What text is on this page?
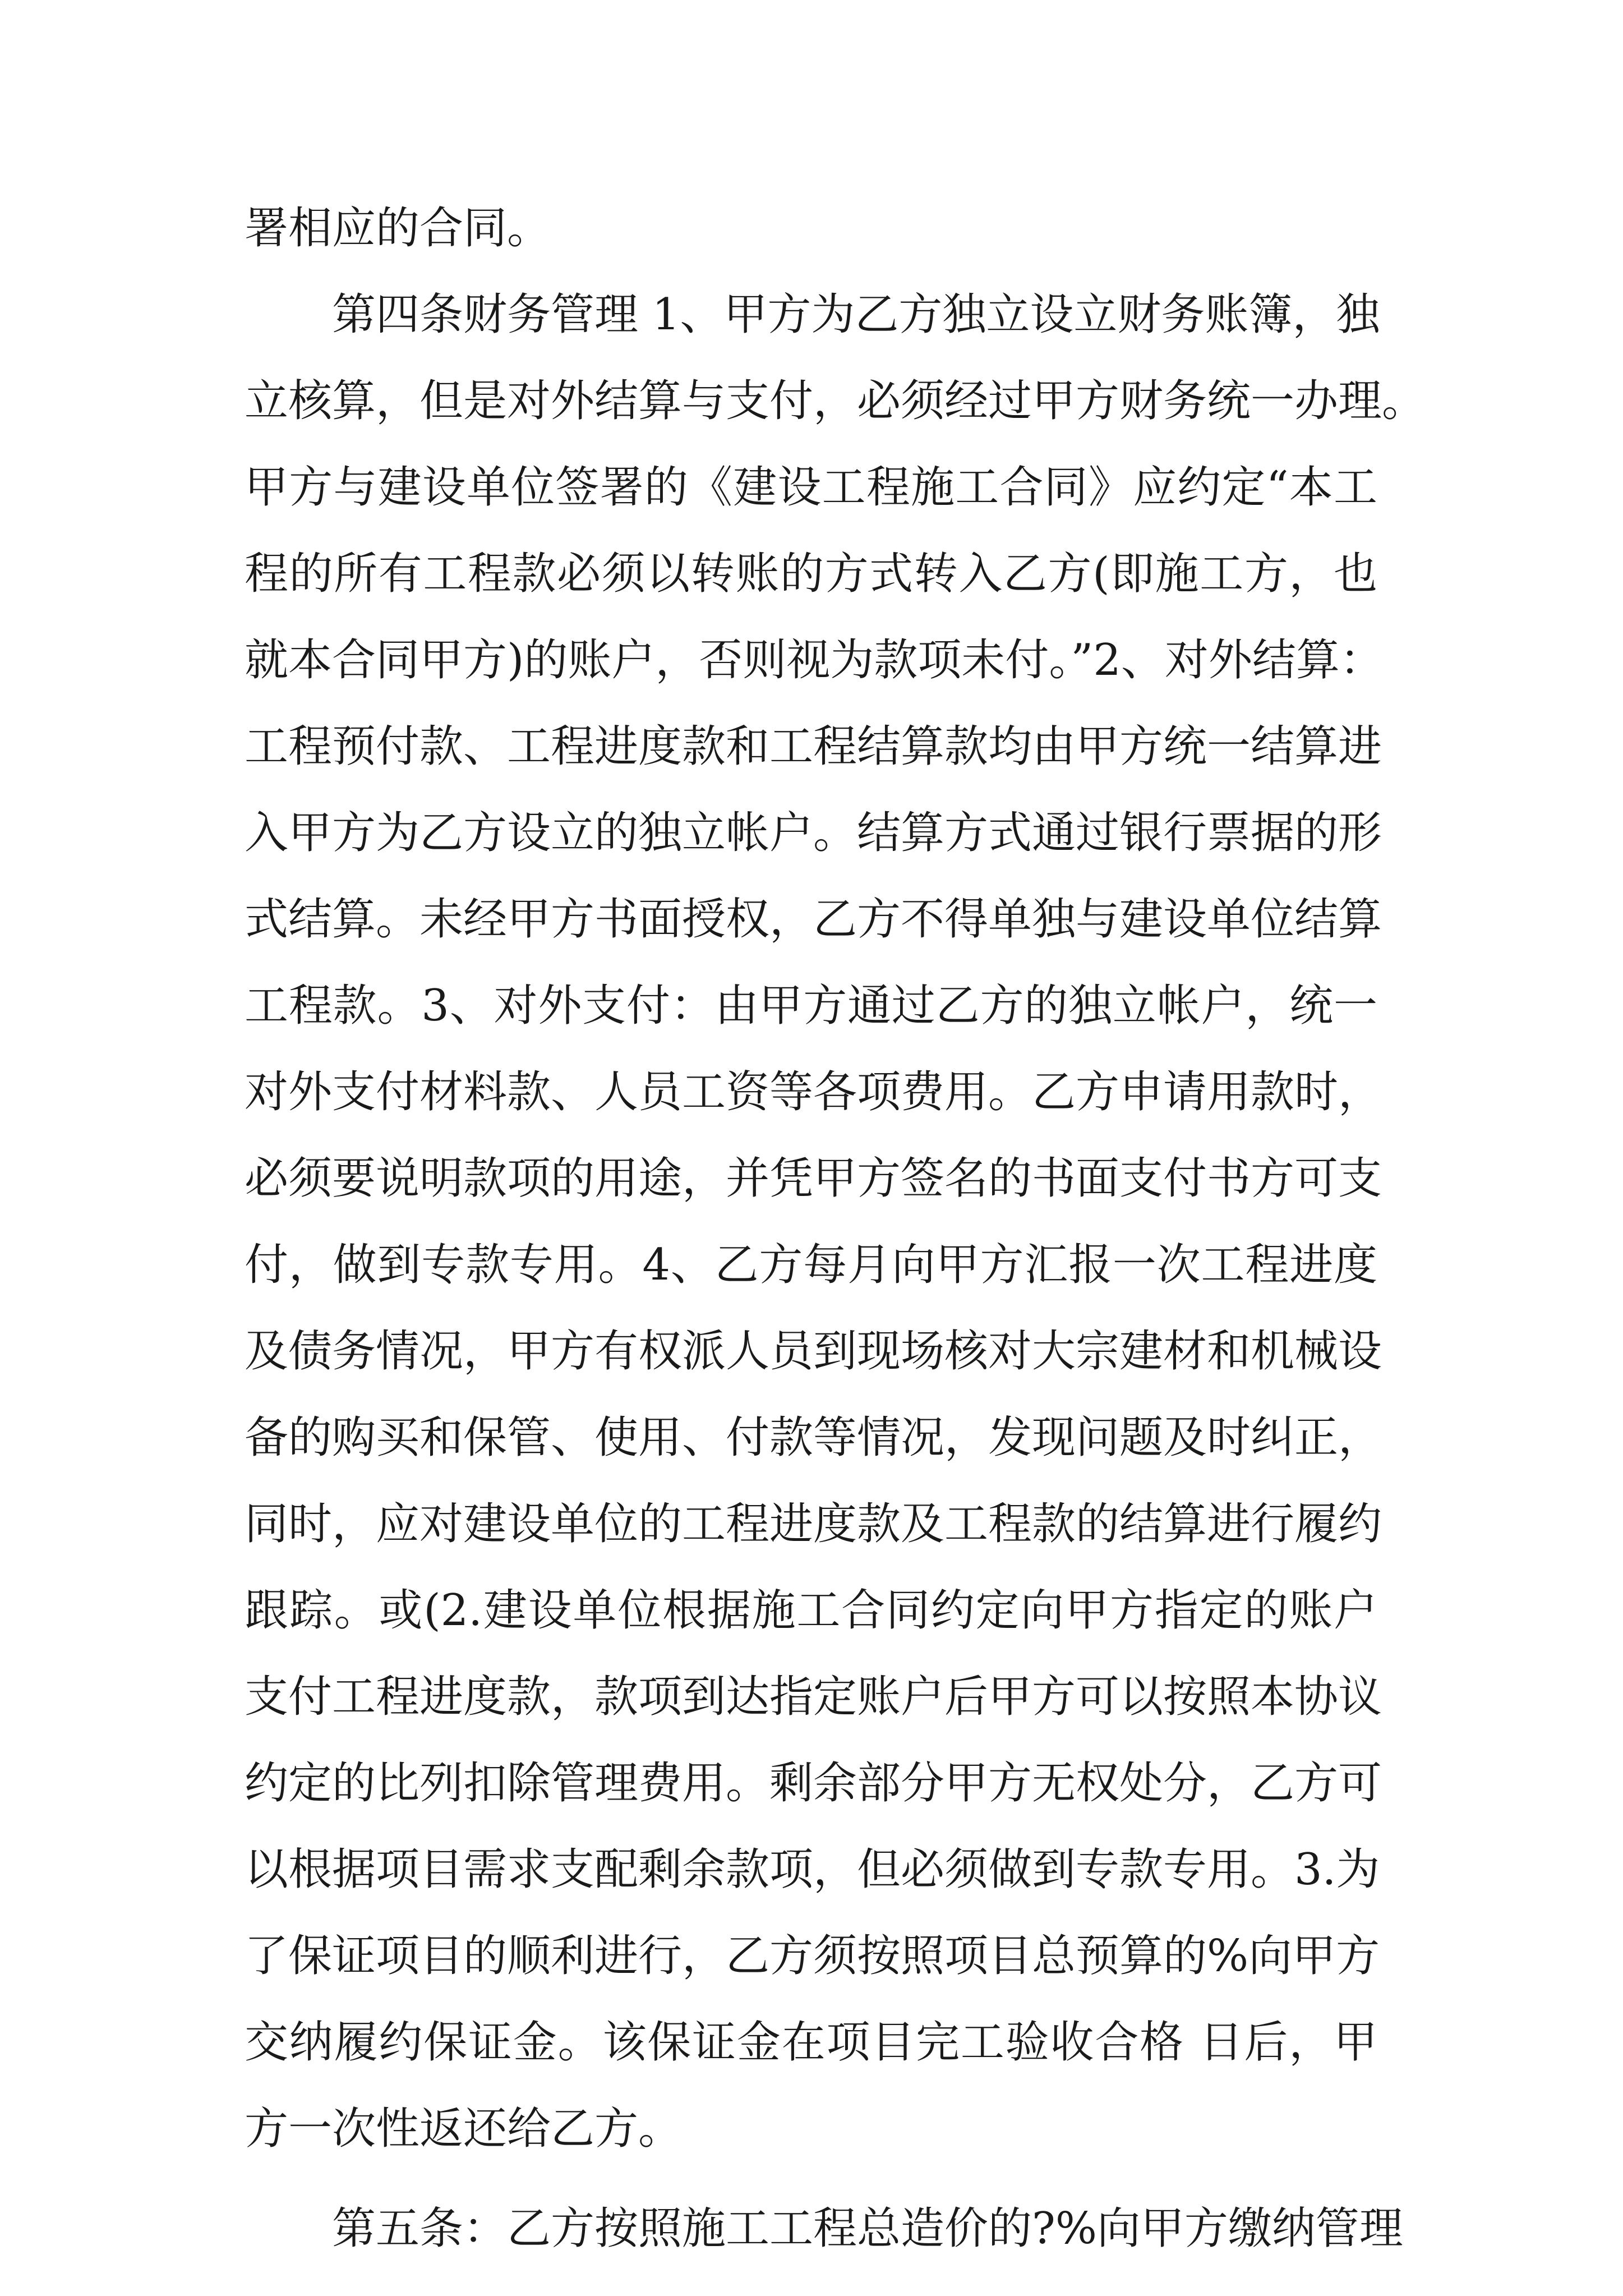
署相应的合同。
第四条财务管理 1、甲方为乙方独立设立财务账簿，独
立核算，但是对外结算与支付，必须经过甲方财务统一办理。
甲方与建设单位签署的《建设工程施工合同》应约定“本工
程的所有工程款必须以转账的方式转入乙方(即施工方，也
就本合同甲方)的账户，否则视为款项未付。”2、对外结算：
工程预付款、工程进度款和工程结算款均由甲方统一结算进
入甲方为乙方设立的独立帐户。结算方式通过银行票据的形
式结算。未经甲方书面授权，乙方不得单独与建设单位结算
工程款。3、对外支付：由甲方通过乙方的独立帐户，统一
对外支付材料款、人员工资等各项费用。乙方申请用款时，
必须要说明款项的用途，并凭甲方签名的书面支付书方可支
付，做到专款专用。4、乙方每月向甲方汇报一次工程进度
及债务情况，甲方有权派人员到现场核对大宗建材和机械设
备的购买和保管、使用、付款等情况，发现问题及时纠正，
同时，应对建设单位的工程进度款及工程款的结算进行履约
跟踪。或(2.建设单位根据施工合同约定向甲方指定的账户
支付工程进度款，款项到达指定账户后甲方可以按照本协议
约定的比列扣除管理费用。剩余部分甲方无权处分，乙方可
以根据项目需求支配剩余款项，但必须做到专款专用。3.为
了保证项目的顺利进行，乙方须按照项目总预算的%向甲方
交纳履约保证金。该保证金在项目完工验收合格 日后，甲
方一次性返还给乙方。
第五条：乙方按照施工工程总造价的?%向甲方缴纳管理
